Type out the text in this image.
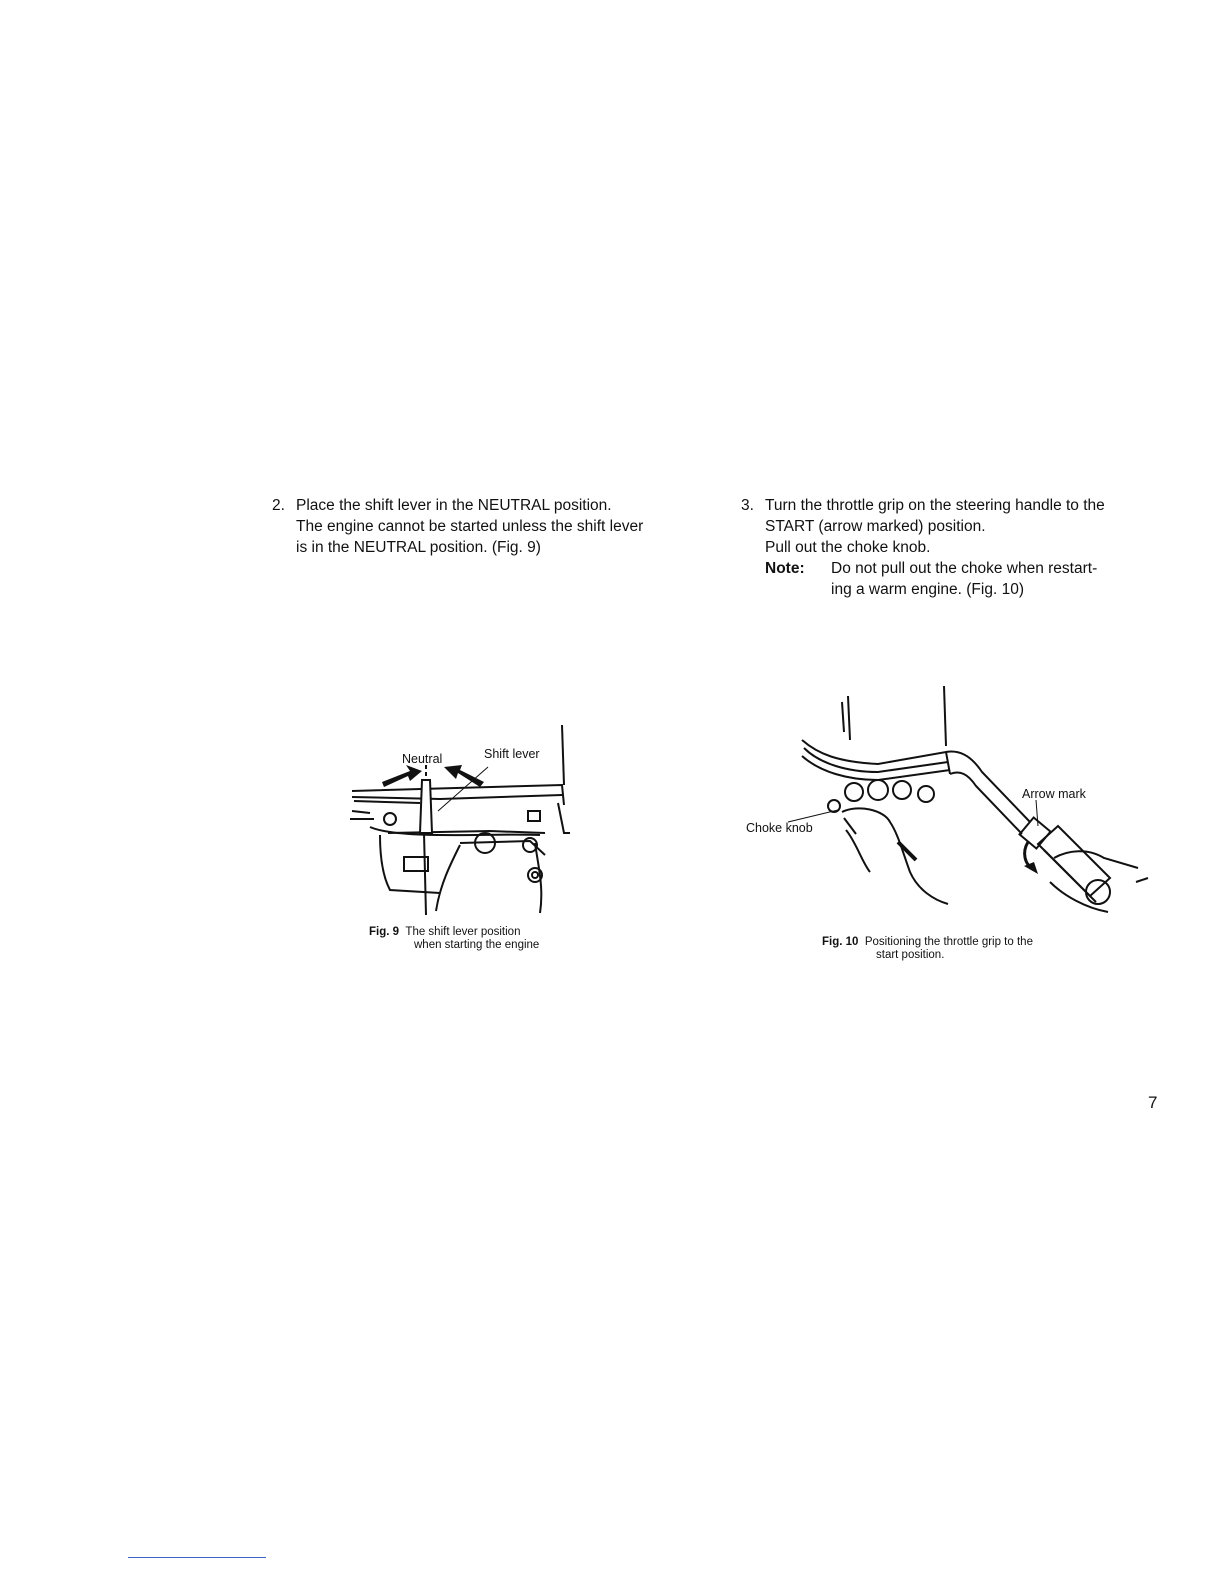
2. Place the shift lever in the NEUTRAL position.
The engine cannot be started unless the shift lever
is in the NEUTRAL position. (Fig. 9)
3. Turn the throttle grip on the steering handle to the
START (arrow marked) position.
Pull out the choke knob.
Note:	Do not pull out the choke when restart-
ing a warm engine. (Fig. 10)
Neutral	Shift lever
Fig. 9 The shift lever position
when starting the engine
Arrow mark
Choke knob
Fig. 10 Positioning the throttle grip to the
start position.
7
